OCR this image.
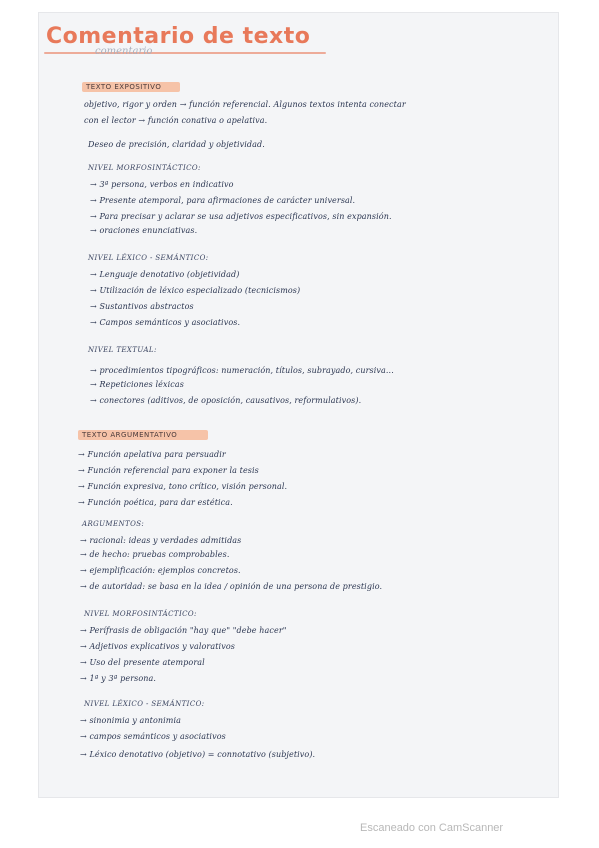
Comentario de texto
comentario
TEXTO EXPOSITIVO
objetivo, rigor y orden → función referencial. Algunos textos intenta conectar
con el lector → función conativa o apelativa.
Deseo de precisión, claridad y objetividad.
NIVEL MORFOSINTÁCTICO:
→ 3ª persona, verbos en indicativo
→ Presente atemporal, para afirmaciones de carácter universal.
→ Para precisar y aclarar se usa adjetivos especificativos, sin expansión.
→ oraciones enunciativas.
NIVEL LÉXICO - SEMÁNTICO:
→ Lenguaje denotativo (objetividad)
→ Utilización de léxico especializado (tecnicismos)
→ Sustantivos abstractos
→ Campos semánticos y asociativos.
NIVEL TEXTUAL:
→ procedimientos tipográficos: numeración, títulos, subrayado, cursiva...
→ Repeticiones léxicas
→ conectores (aditivos, de oposición, causativos, reformulativos).
TEXTO ARGUMENTATIVO
→ Función apelativa para persuadir
→ Función referencial para exponer la tesis
→ Función expresiva, tono crítico, visión personal.
→ Función poética, para dar estética.
ARGUMENTOS:
→ racional: ideas y verdades admitidas
→ de hecho: pruebas comprobables.
→ ejemplificación: ejemplos concretos.
→ de autoridad: se basa en la idea / opinión de una persona de prestigio.
NIVEL MORFOSINTÁCTICO:
→ Perífrasis de obligación "hay que" "debe hacer"
→ Adjetivos explicativos y valorativos
→ Uso del presente atemporal
→ 1ª y 3ª persona.
NIVEL LÉXICO - SEMÁNTICO:
→ sinonimia y antonimia
→ campos semánticos y asociativos
→ Léxico denotativo (objetivo) = connotativo (subjetivo).
Escaneado con CamScanner
